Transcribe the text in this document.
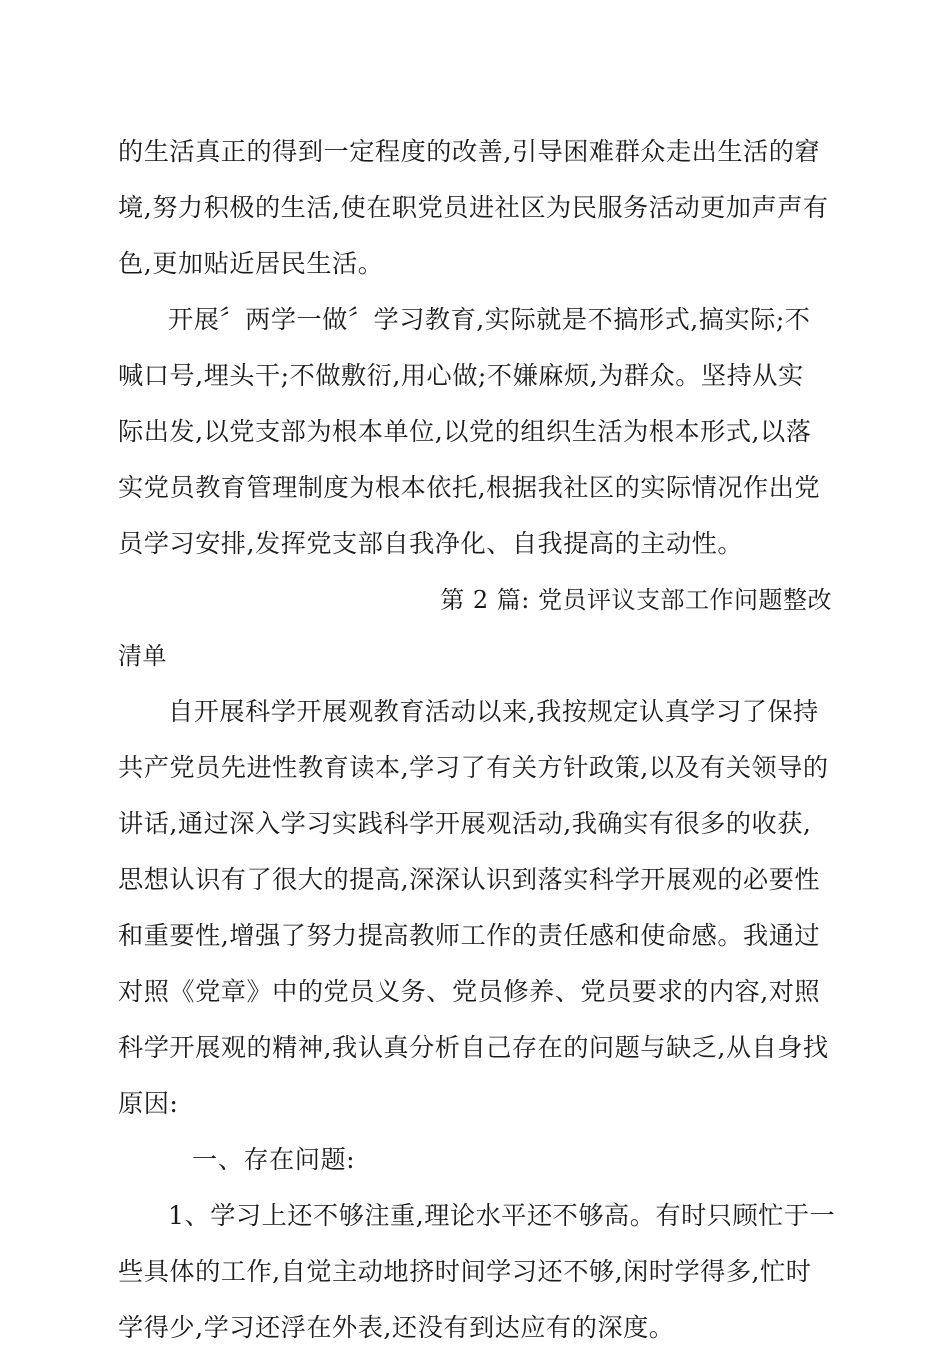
的生活真正的得到一定程度的改善,引导困难群众走出生活的窘
境,努力积极的生活,使在职党员进社区为民服务活动更加声声有
色,更加贴近居民生活。
开展〞两学一做〞学习教育,实际就是不搞形式,搞实际;不
喊口号,埋头干;不做敷衍,用心做;不嫌麻烦,为群众。坚持从实
际出发,以党支部为根本单位,以党的组织生活为根本形式,以落
实党员教育管理制度为根本依托,根据我社区的实际情况作出党
员学习安排,发挥党支部自我净化、自我提高的主动性。
第 2 篇: 党员评议支部工作问题整改
清单
自开展科学开展观教育活动以来,我按规定认真学习了保持
共产党员先进性教育读本,学习了有关方针政策,以及有关领导的
讲话,通过深入学习实践科学开展观活动,我确实有很多的收获,
思想认识有了很大的提高,深深认识到落实科学开展观的必要性
和重要性,增强了努力提高教师工作的责任感和使命感。我通过
对照《党章》中的党员义务、党员修养、党员要求的内容,对照
科学开展观的精神,我认真分析自己存在的问题与缺乏,从自身找
原因:
一、存在问题:
1、学习上还不够注重,理论水平还不够高。有时只顾忙于一
些具体的工作,自觉主动地挤时间学习还不够,闲时学得多,忙时
学得少,学习还浮在外表,还没有到达应有的深度。
